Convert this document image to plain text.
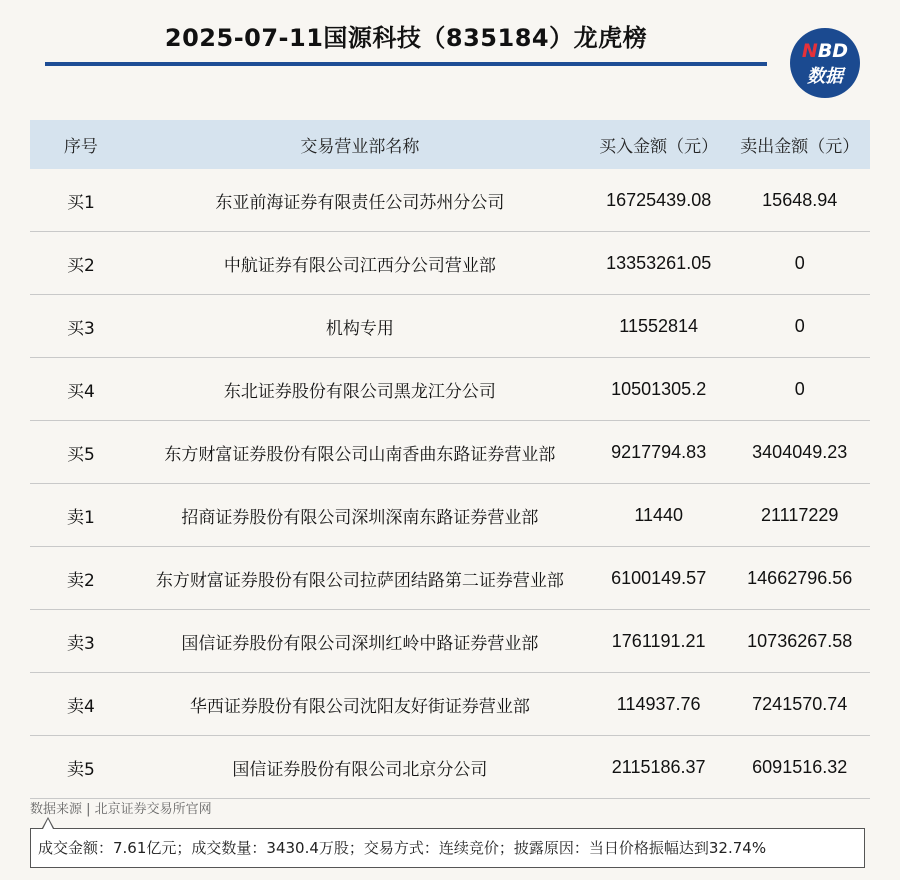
2025-07-11国源科技（835184）龙虎榜	NBD
数据
序号	交易营业部名称	买入金额（元）	卖出金额（元）
买1	东亚前海证券有限责任公司苏州分公司	16725439.08	15648.94
买2	中航证券有限公司江西分公司营业部	13353261.05	0
买3	机构专用	11552814	0
买4	东北证券股份有限公司黑龙江分公司	10501305.2	0
买5	东方财富证券股份有限公司山南香曲东路证券营业部	9217794.83	3404049.23
卖1	招商证券股份有限公司深圳深南东路证券营业部	11440	21117229
卖2	东方财富证券股份有限公司拉萨团结路第二证券营业部	6100149.57	14662796.56
卖3	国信证券股份有限公司深圳红岭中路证券营业部	1761191.21	10736267.58
卖4	华西证券股份有限公司沈阳友好街证券营业部	114937.76	7241570.74
卖5	国信证券股份有限公司北京分公司	2115186.37	6091516.32
数据来源 | 北京证券交易所官网
成交金额：7.61亿元；成交数量：3430.4万股；交易方式：连续竞价；披露原因：当日价格振幅达到32.74%
